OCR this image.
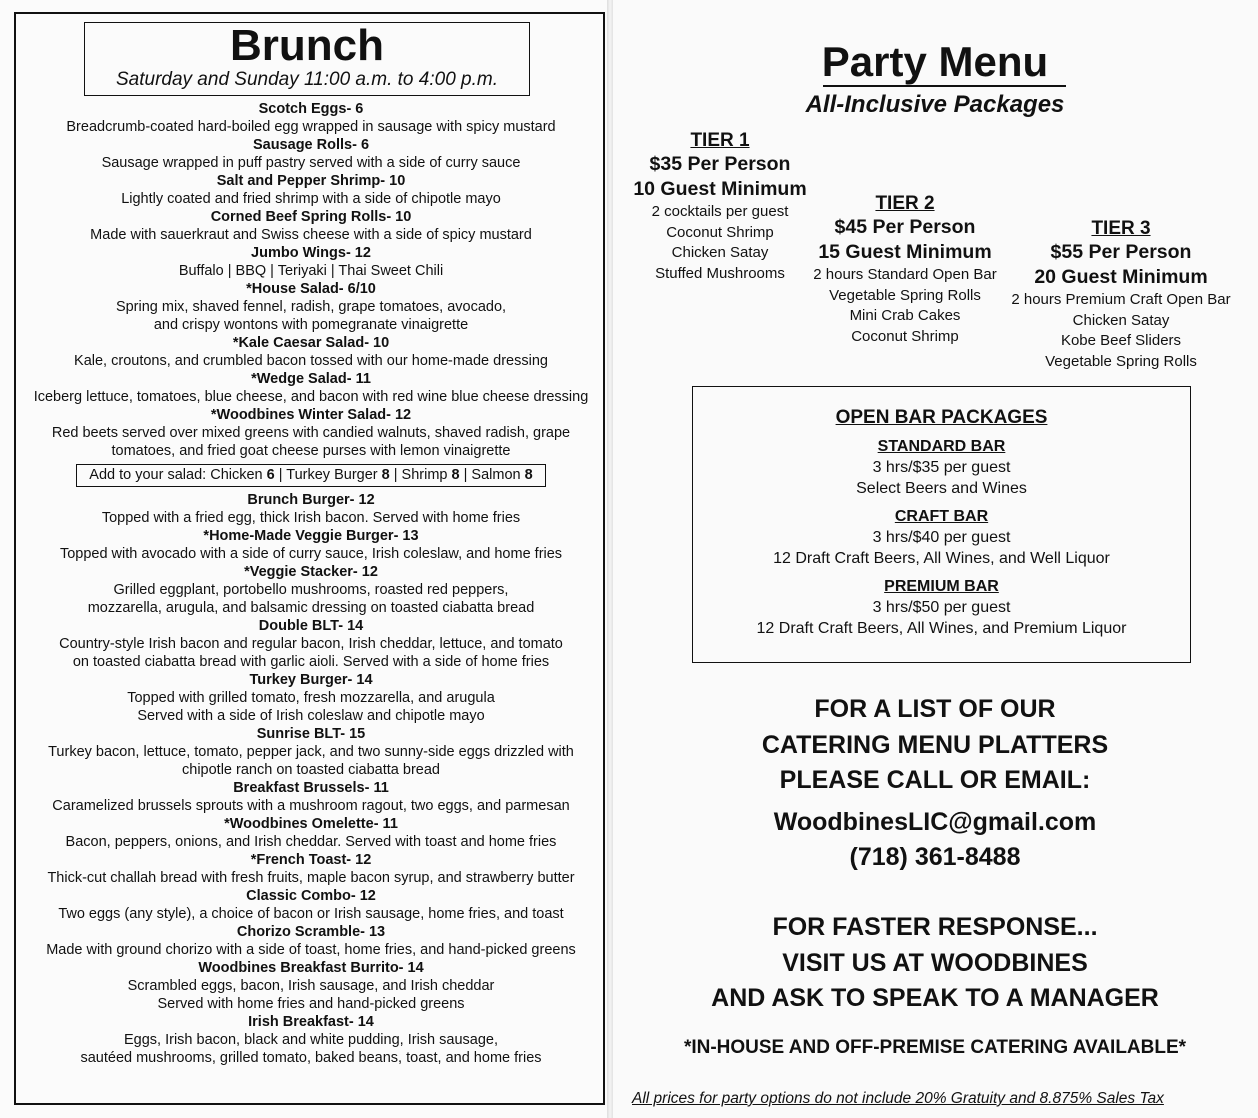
Brunch
Saturday and Sunday 11:00 a.m. to 4:00 p.m.
Scotch Eggs- 6
Breadcrumb-coated hard-boiled egg wrapped in sausage with spicy mustard
Sausage Rolls- 6
Sausage wrapped in puff pastry served with a side of curry sauce
Salt and Pepper Shrimp- 10
Lightly coated and fried shrimp with a side of chipotle mayo
Corned Beef Spring Rolls- 10
Made with sauerkraut and Swiss cheese with a side of spicy mustard
Jumbo Wings- 12
Buffalo | BBQ | Teriyaki | Thai Sweet Chili
*House Salad- 6/10
Spring mix, shaved fennel, radish, grape tomatoes, avocado,
and crispy wontons with pomegranate vinaigrette
*Kale Caesar Salad- 10
Kale, croutons, and crumbled bacon tossed with our home-made dressing
*Wedge Salad- 11
Iceberg lettuce, tomatoes, blue cheese, and bacon with red wine blue cheese dressing
*Woodbines Winter Salad- 12
Red beets served over mixed greens with candied walnuts, shaved radish, grape
tomatoes, and fried goat cheese purses with lemon vinaigrette
Add to your salad: Chicken 6 | Turkey Burger 8 | Shrimp 8 | Salmon 8
Brunch Burger- 12
Topped with a fried egg, thick Irish bacon. Served with home fries
*Home-Made Veggie Burger- 13
Topped with avocado with a side of curry sauce, Irish coleslaw, and home fries
*Veggie Stacker- 12
Grilled eggplant, portobello mushrooms, roasted red peppers,
mozzarella, arugula, and balsamic dressing on toasted ciabatta bread
Double BLT- 14
Country-style Irish bacon and regular bacon, Irish cheddar, lettuce, and tomato
on toasted ciabatta bread with garlic aioli. Served with a side of home fries
Turkey Burger- 14
Topped with grilled tomato, fresh mozzarella, and arugula
Served with a side of Irish coleslaw and chipotle mayo
Sunrise BLT- 15
Turkey bacon, lettuce, tomato, pepper jack, and two sunny-side eggs drizzled with
chipotle ranch on toasted ciabatta bread
Breakfast Brussels- 11
Caramelized brussels sprouts with a mushroom ragout, two eggs, and parmesan
*Woodbines Omelette- 11
Bacon, peppers, onions, and Irish cheddar. Served with toast and home fries
*French Toast- 12
Thick-cut challah bread with fresh fruits, maple bacon syrup, and strawberry butter
Classic Combo- 12
Two eggs (any style), a choice of bacon or Irish sausage, home fries, and toast
Chorizo Scramble- 13
Made with ground chorizo with a side of toast, home fries, and hand-picked greens
Woodbines Breakfast Burrito- 14
Scrambled eggs, bacon, Irish sausage, and Irish cheddar
Served with home fries and hand-picked greens
Irish Breakfast- 14
Eggs, Irish bacon, black and white pudding, Irish sausage,
sautéed mushrooms, grilled tomato, baked beans, toast, and home fries
Party Menu
All-Inclusive Packages
TIER 1
$35 Per Person
10 Guest Minimum
2 cocktails per guest
Coconut Shrimp
Chicken Satay
Stuffed Mushrooms
TIER 2
$45 Per Person
15 Guest Minimum
2 hours Standard Open Bar
Vegetable Spring Rolls
Mini Crab Cakes
Coconut Shrimp
TIER 3
$55 Per Person
20 Guest Minimum
2 hours Premium Craft Open Bar
Chicken Satay
Kobe Beef Sliders
Vegetable Spring Rolls
OPEN BAR PACKAGES
STANDARD BAR
3 hrs/$35 per guest
Select Beers and Wines
CRAFT BAR
3 hrs/$40 per guest
12 Draft Craft Beers, All Wines, and Well Liquor
PREMIUM BAR
3 hrs/$50 per guest
12 Draft Craft Beers, All Wines, and Premium Liquor
FOR A LIST OF OUR
CATERING MENU PLATTERS
PLEASE CALL OR EMAIL:
WoodbinesLIC@gmail.com
(718) 361-8488
FOR FASTER RESPONSE...
VISIT US AT WOODBINES
AND ASK TO SPEAK TO A MANAGER
*IN-HOUSE AND OFF-PREMISE CATERING AVAILABLE*
All prices for party options do not include 20% Gratuity and 8.875% Sales Tax
